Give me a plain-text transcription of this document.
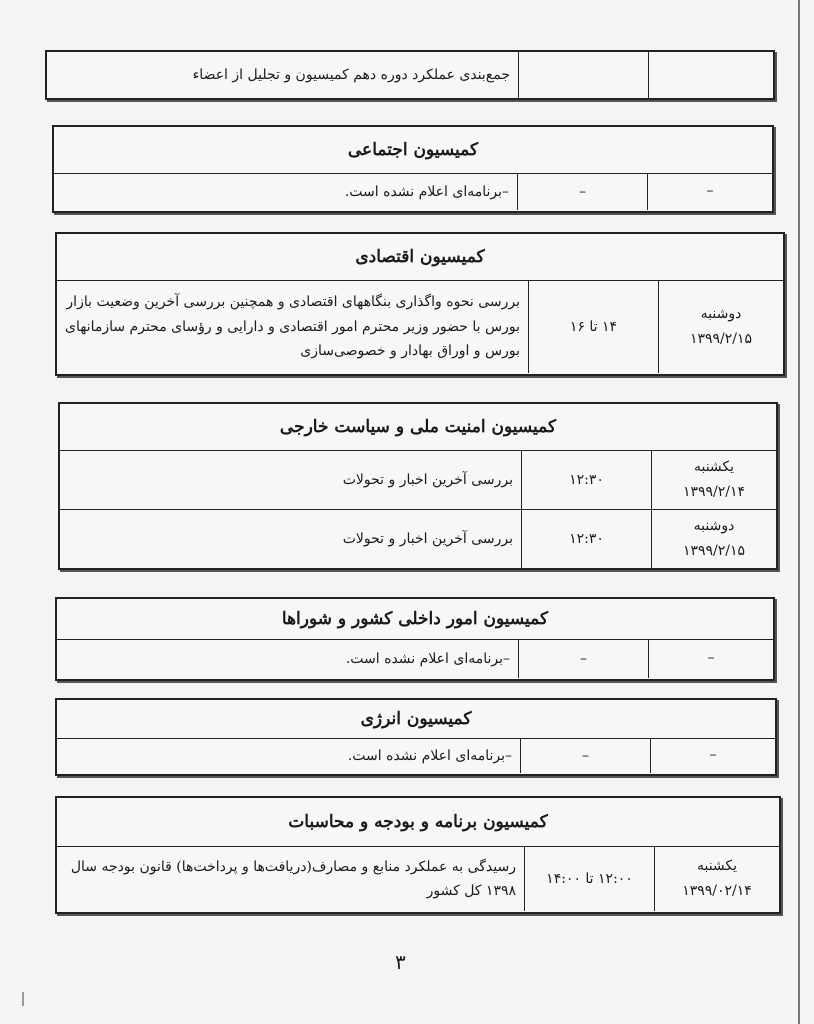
جمع‌بندی عملکرد دوره دهم کمیسیون و تجلیل از اعضاء
کمیسیون اجتماعی
–
–
–برنامه‌ای اعلام نشده است.
کمیسیون اقتصادی
دوشنبه
۱۳۹۹/۲/۱۵
۱۴ تا ۱۶
بررسی نحوه واگذاری بنگاههای اقتصادی و همچنین بررسی آخرین وضعیت بازار بورس با حضور وزیر محترم امور اقتصادی و دارایی و رؤسای محترم سازمانهای بورس و اوراق بهادار و خصوصی‌سازی
کمیسیون امنیت ملی و سیاست خارجی
یکشنبه
۱۳۹۹/۲/۱۴
۱۲:۳۰
بررسی آخرین اخبار و تحولات
دوشنبه
۱۳۹۹/۲/۱۵
۱۲:۳۰
بررسی آخرین اخبار و تحولات
کمیسیون امور داخلی کشور و شوراها
–
–
–برنامه‌ای اعلام نشده است.
کمیسیون انرژی
–
–
–برنامه‌ای اعلام نشده است.
کمیسیون برنامه و بودجه و محاسبات
یکشنبه
۱۳۹۹/۰۲/۱۴
۱۲:۰۰ تا ۱۴:۰۰
رسیدگی به عملکرد منابع و مصارف(دریافت‌ها و پرداخت‌ها) قانون بودجه سال ۱۳۹۸ کل کشور
۳
